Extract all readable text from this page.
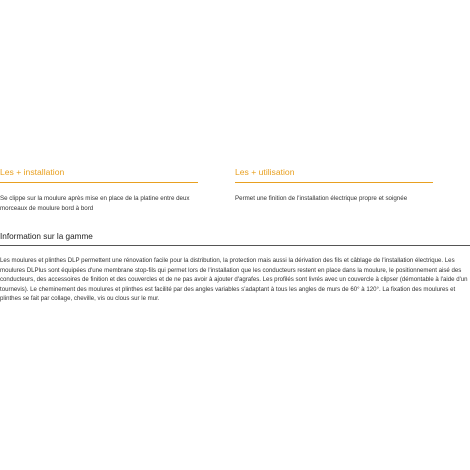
Les + installation
Se clippe sur la moulure après mise en place de la platine entre deux morceaux de moulure bord à bord
Les + utilisation
Permet une finition de l'installation électrique propre et soignée
Information sur la gamme
Les moulures et plinthes DLP permettent une rénovation facile pour la distribution, la protection mais aussi la dérivation des fils et câblage de l'installation électrique. Les moulures DLPlus sont équipées d'une membrane stop-fils qui permet lors de l'installation que les conducteurs restent en place dans la moulure, le positionnement aisé des conducteurs, des accessoires de finition et des couvercles et de ne pas avoir à ajouter d'agrafes. Les profilés sont livrés avec un couvercle à clipser (démontable à l'aide d'un tournevis). Le cheminement des moulures et plinthes est facilité par des angles variables s'adaptant à tous les angles de murs de 60° à 120°. La fixation des moulures et plinthes se fait par collage, cheville, vis ou clous sur le mur.
